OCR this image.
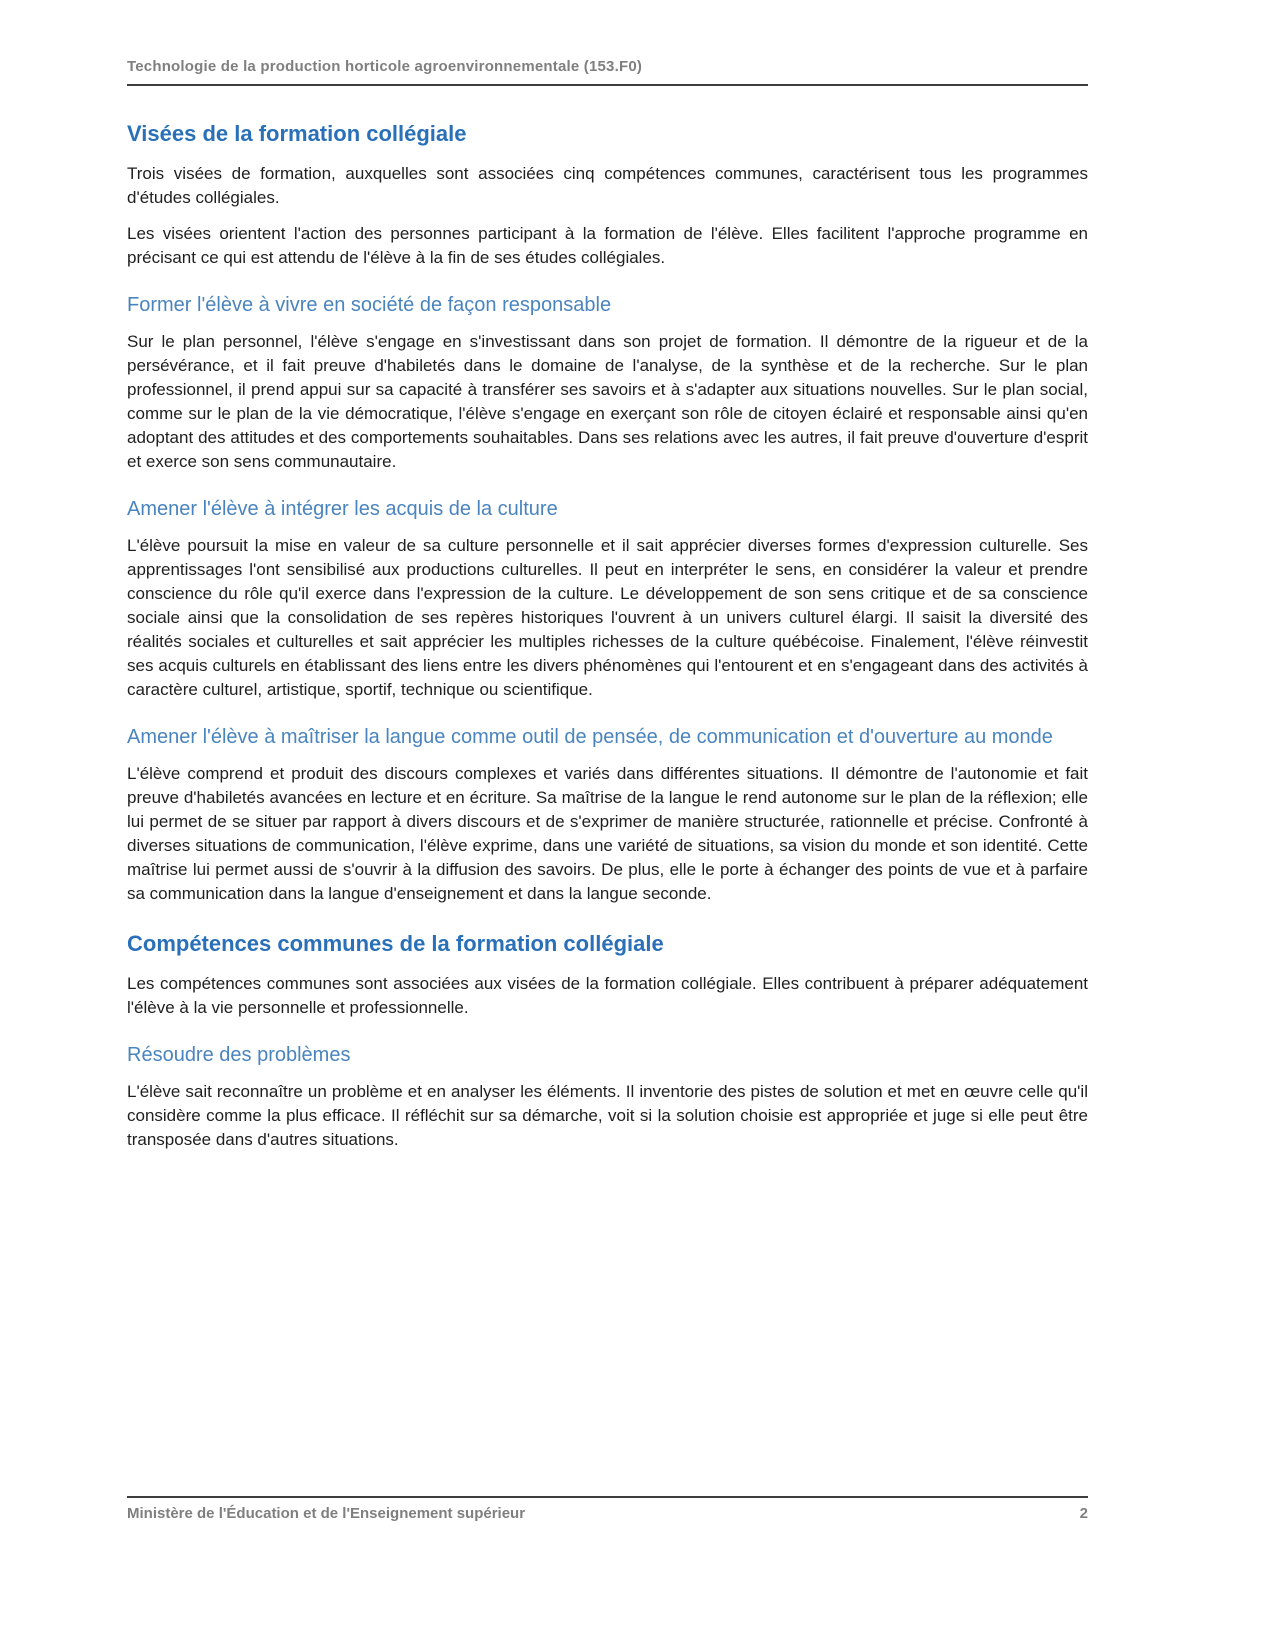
Technologie de la production horticole agroenvironnementale (153.F0)
Visées de la formation collégiale

Trois visées de formation, auxquelles sont associées cinq compétences communes, caractérisent tous les programmes d'études collégiales.

Les visées orientent l'action des personnes participant à la formation de l'élève. Elles facilitent l'approche programme en précisant ce qui est attendu de l'élève à la fin de ses études collégiales.

Former l'élève à vivre en société de façon responsable

Sur le plan personnel, l'élève s'engage en s'investissant dans son projet de formation. Il démontre de la rigueur et de la persévérance, et il fait preuve d'habiletés dans le domaine de l'analyse, de la synthèse et de la recherche. Sur le plan professionnel, il prend appui sur sa capacité à transférer ses savoirs et à s'adapter aux situations nouvelles. Sur le plan social, comme sur le plan de la vie démocratique, l'élève s'engage en exerçant son rôle de citoyen éclairé et responsable ainsi qu'en adoptant des attitudes et des comportements souhaitables. Dans ses relations avec les autres, il fait preuve d'ouverture d'esprit et exerce son sens communautaire.

Amener l'élève à intégrer les acquis de la culture

L'élève poursuit la mise en valeur de sa culture personnelle et il sait apprécier diverses formes d'expression culturelle. Ses apprentissages l'ont sensibilisé aux productions culturelles. Il peut en interpréter le sens, en considérer la valeur et prendre conscience du rôle qu'il exerce dans l'expression de la culture. Le développement de son sens critique et de sa conscience sociale ainsi que la consolidation de ses repères historiques l'ouvrent à un univers culturel élargi. Il saisit la diversité des réalités sociales et culturelles et sait apprécier les multiples richesses de la culture québécoise. Finalement, l'élève réinvestit ses acquis culturels en établissant des liens entre les divers phénomènes qui l'entourent et en s'engageant dans des activités à caractère culturel, artistique, sportif, technique ou scientifique.

Amener l'élève à maîtriser la langue comme outil de pensée, de communication et d'ouverture au monde

L'élève comprend et produit des discours complexes et variés dans différentes situations. Il démontre de l'autonomie et fait preuve d'habiletés avancées en lecture et en écriture. Sa maîtrise de la langue le rend autonome sur le plan de la réflexion; elle lui permet de se situer par rapport à divers discours et de s'exprimer de manière structurée, rationnelle et précise. Confronté à diverses situations de communication, l'élève exprime, dans une variété de situations, sa vision du monde et son identité. Cette maîtrise lui permet aussi de s'ouvrir à la diffusion des savoirs. De plus, elle le porte à échanger des points de vue et à parfaire sa communication dans la langue d'enseignement et dans la langue seconde.

Compétences communes de la formation collégiale

Les compétences communes sont associées aux visées de la formation collégiale. Elles contribuent à préparer adéquatement l'élève à la vie personnelle et professionnelle.

Résoudre des problèmes

L'élève sait reconnaître un problème et en analyser les éléments. Il inventorie des pistes de solution et met en œuvre celle qu'il considère comme la plus efficace. Il réfléchit sur sa démarche, voit si la solution choisie est appropriée et juge si elle peut être transposée dans d'autres situations.

Ministère de l'Éducation et de l'Enseignement supérieur	2
